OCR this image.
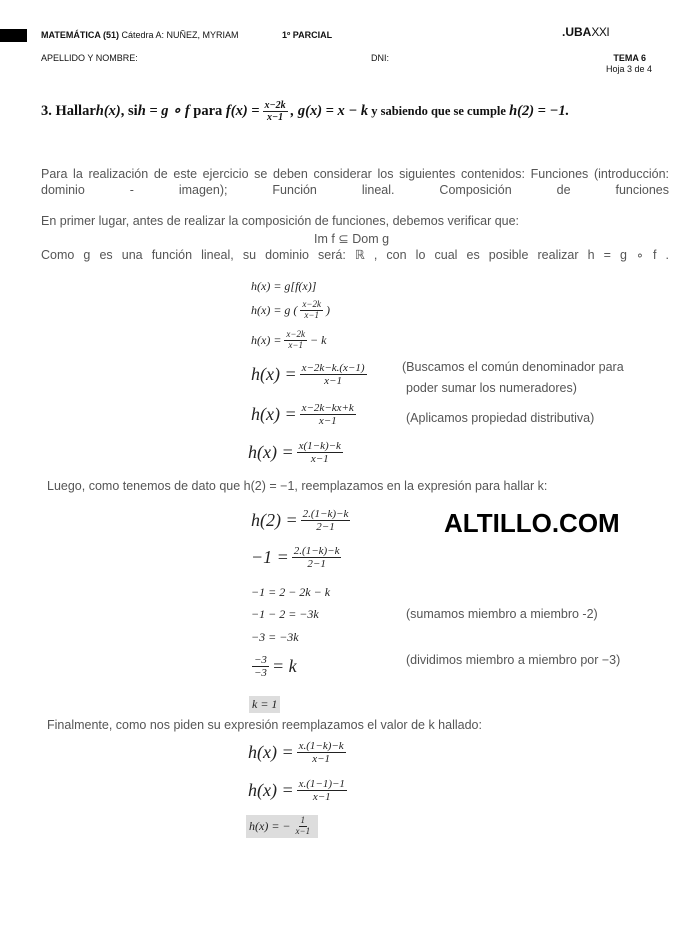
MATEMÁTICA (51) Cátedra A: NUÑEZ, MYRIAM	1º PARCIAL	.UBAXXI
APELLIDO Y NOMBRE:	DNI:	TEMA 6
Hoja 3 de 4
3. Hallar h(x) , si h = g ∘ f para $f(x) = \frac{x-2k}{x-1}$ , g(x) = x − k y sabiendo que se cumple h(2) = −1.
Para la realización de este ejercicio se deben considerar los siguientes contenidos: Funciones (introducción: dominio - imagen); Función lineal. Composición de funciones
En primer lugar, antes de realizar la composición de funciones, debemos verificar que:
Im f ⊆ Dom g
Como g es una función lineal, su dominio será: ℝ , con lo cual es posible realizar h = g ∘ f .
h(x) = g[f(x)]
h(x) = g ( $\frac{x-2k}{x-1}$ )
$h(x) = \frac{x-2k}{x-1} - k$
$h(x) = \frac{x-2k-k.(x-1)}{x-1}$	(Buscamos el común denominador para
poder sumar los numeradores)
$h(x) = \frac{x-2k-kx+k}{x-1}$	(Aplicamos propiedad distributiva)
$h(x) = \frac{x(1-k)-k}{x-1}$
Luego, como tenemos de dato que h(2) = −1, reemplazamos en la expresión para hallar k:
$h(2) = \frac{2.(1-k)-k}{2-1}$	ALTILLO.COM
$-1 = \frac{2.(1-k)-k}{2-1}$
−1 = 2 − 2k − k
−1 − 2 = −3k	(sumamos miembro a miembro -2)
−3 = −3k
$\frac{-3}{-3} = k$	(dividimos miembro a miembro por −3)
k = 1
Finalmente, como nos piden su expresión reemplazamos el valor de k hallado:
$h(x) = \frac{x.(1-k)-k}{x-1}$
$h(x) = \frac{x.(1-1)-1}{x-1}$
h(x) = − $\frac{1}{x-1}$
